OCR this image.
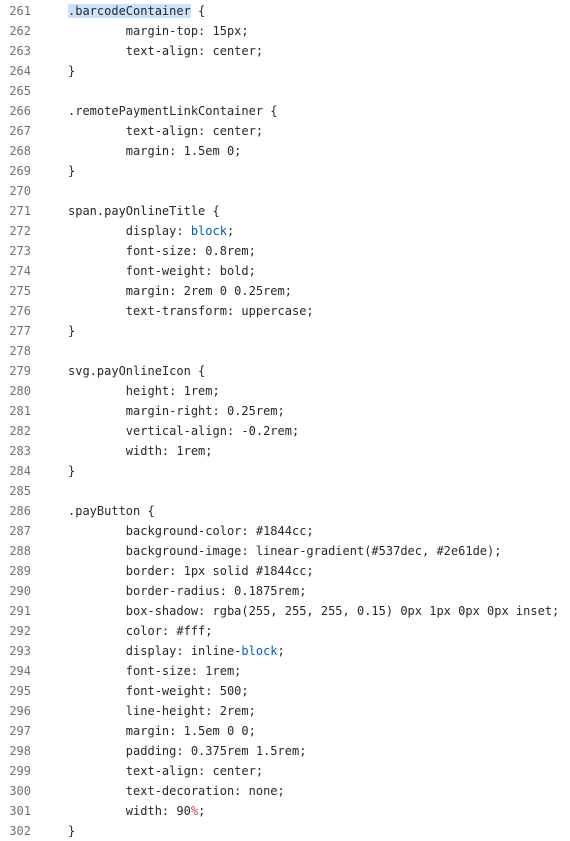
261	.barcodeContainer {
262	margin-top: 15px;
263	text-align: center;
264	}
265
266	.remotePaymentLinkContainer {
267	text-align: center;
268	margin: 1.5em 0;
269	}
270
271	span.payOnlineTitle {
272	display: block;
273	font-size: 0.8rem;
274	font-weight: bold;
275	margin: 2rem 0 0.25rem;
276	text-transform: uppercase;
277	}
278
279	svg.payOnlineIcon {
280	height: 1rem;
281	margin-right: 0.25rem;
282	vertical-align: -0.2rem;
283	width: 1rem;
284	}
285
286	.payButton {
287	background-color: #1844cc;
288	background-image: linear-gradient(#537dec, #2e61de);
289	border: 1px solid #1844cc;
290	border-radius: 0.1875rem;
291	box-shadow: rgba(255, 255, 255, 0.15) 0px 1px 0px 0px inset;
292	color: #fff;
293	display: inline-block;
294	font-size: 1rem;
295	font-weight: 500;
296	line-height: 2rem;
297	margin: 1.5em 0 0;
298	padding: 0.375rem 1.5rem;
299	text-align: center;
300	text-decoration: none;
301	width: 90%;
302	}
